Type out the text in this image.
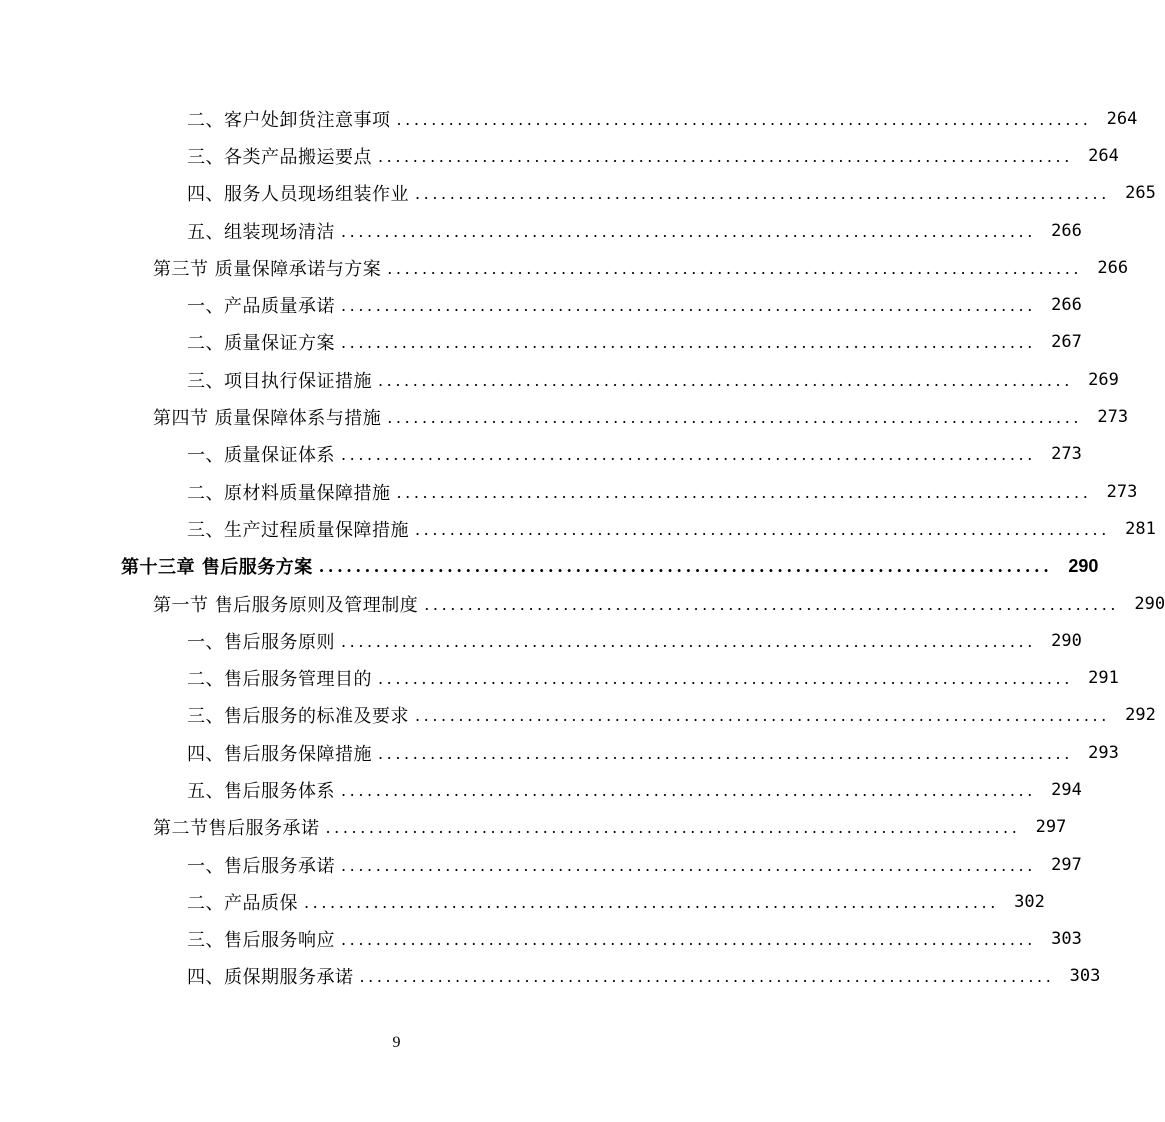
二、客户处卸货注意事项 ................................................................................ 264
三、各类产品搬运要点 ................................................................................ 264
四、服务人员现场组装作业 ................................................................................ 265
五、组装现场清洁 ................................................................................ 266
第三节 质量保障承诺与方案 ................................................................................ 266
一、产品质量承诺 ................................................................................ 266
二、质量保证方案 ................................................................................ 267
三、项目执行保证措施 ................................................................................ 269
第四节 质量保障体系与措施 ................................................................................ 273
一、质量保证体系 ................................................................................ 273
二、原材料质量保障措施 ................................................................................ 273
三、生产过程质量保障措施 ................................................................................ 281
第十三章 售后服务方案 ................................................................................ 290
第一节 售后服务原则及管理制度 ................................................................................ 290
一、售后服务原则 ................................................................................ 290
二、售后服务管理目的 ................................................................................ 291
三、售后服务的标准及要求 ................................................................................ 292
四、售后服务保障措施 ................................................................................ 293
五、售后服务体系 ................................................................................ 294
第二节售后服务承诺 ................................................................................ 297
一、售后服务承诺 ................................................................................ 297
二、产品质保 ................................................................................ 302
三、售后服务响应 ................................................................................ 303
四、质保期服务承诺 ................................................................................ 303
9
